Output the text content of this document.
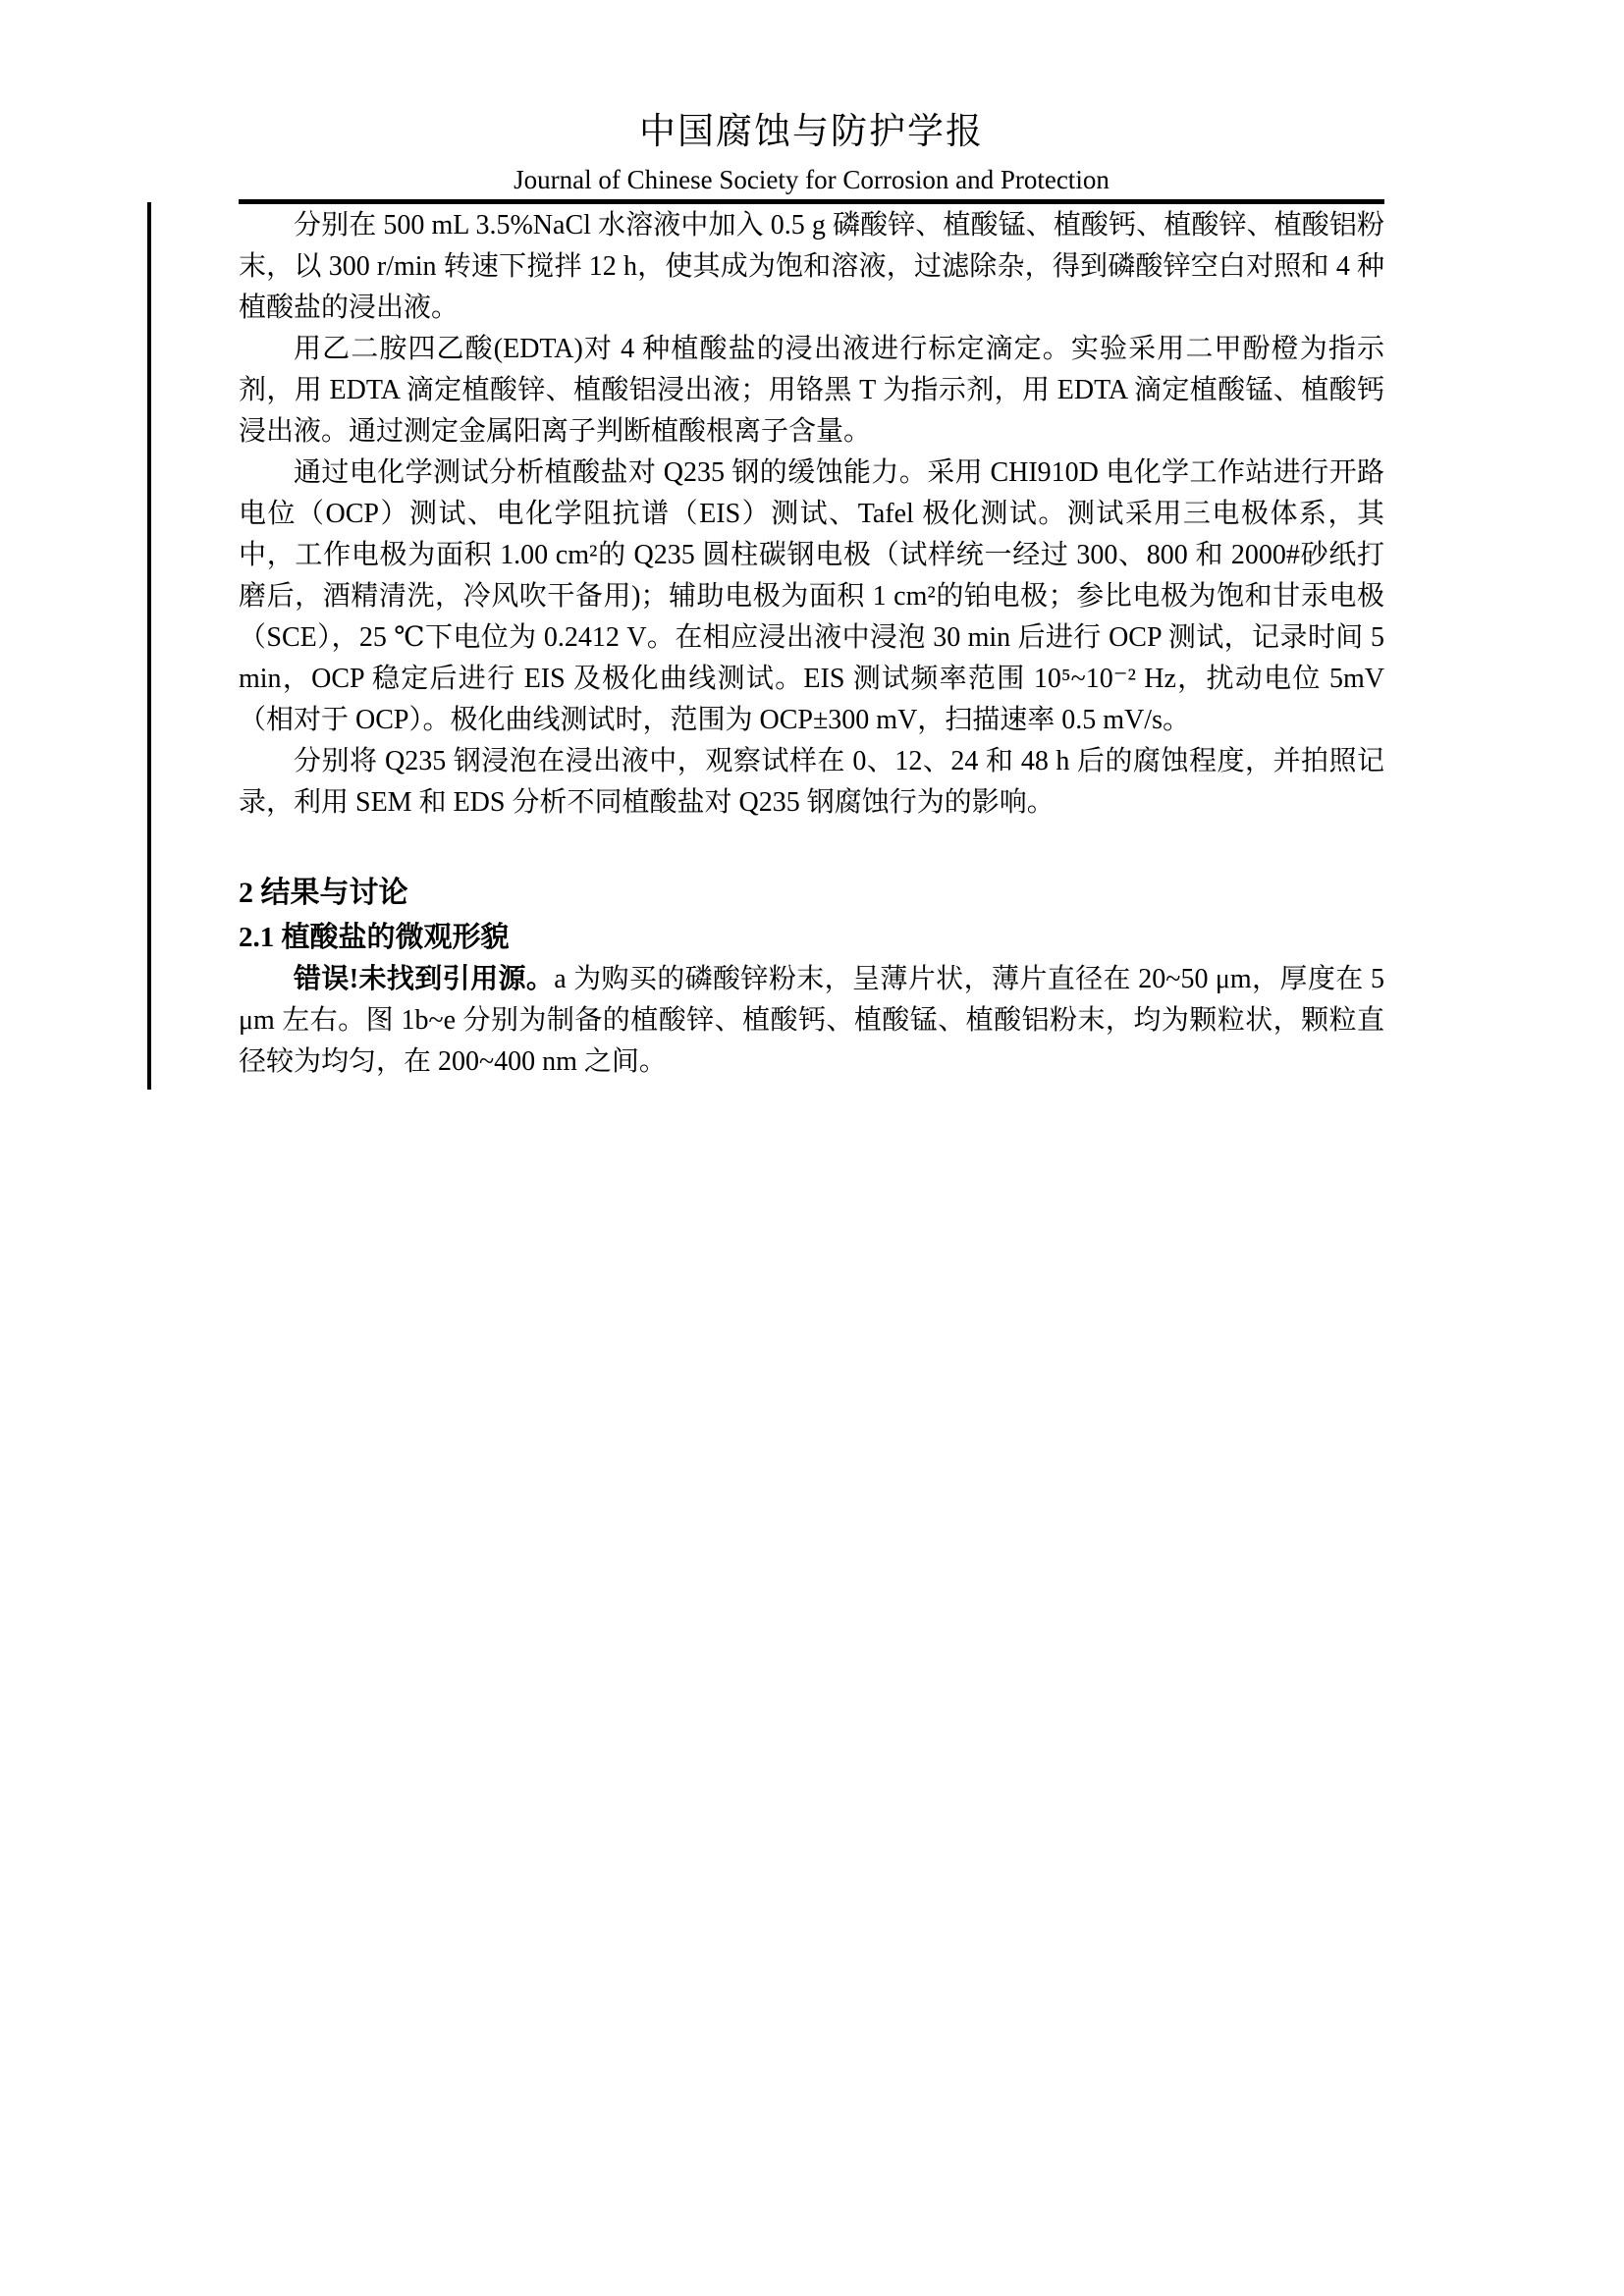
中国腐蚀与防护学报
Journal of Chinese Society for Corrosion and Protection

分别在 500 mL 3.5%NaCl 水溶液中加入 0.5 g 磷酸锌、植酸锰、植酸钙、植酸锌、植酸铝粉末，以 300 r/min 转速下搅拌 12 h，使其成为饱和溶液，过滤除杂，得到磷酸锌空白对照和 4 种植酸盐的浸出液。

用乙二胺四乙酸(EDTA)对 4 种植酸盐的浸出液进行标定滴定。实验采用二甲酚橙为指示剂，用 EDTA 滴定植酸锌、植酸铝浸出液；用铬黑 T 为指示剂，用 EDTA 滴定植酸锰、植酸钙浸出液。通过测定金属阳离子判断植酸根离子含量。

通过电化学测试分析植酸盐对 Q235 钢的缓蚀能力。采用 CHI910D 电化学工作站进行开路电位（OCP）测试、电化学阻抗谱（EIS）测试、Tafel 极化测试。测试采用三电极体系，其中，工作电极为面积 1.00 cm²的 Q235 圆柱碳钢电极（试样统一经过 300、800 和 2000#砂纸打磨后，酒精清洗，冷风吹干备用)；辅助电极为面积 1 cm²的铂电极；参比电极为饱和甘汞电极（SCE），25 ℃下电位为 0.2412 V。在相应浸出液中浸泡 30 min 后进行 OCP 测试，记录时间 5 min，OCP 稳定后进行 EIS 及极化曲线测试。EIS 测试频率范围 10⁵~10⁻² Hz，扰动电位 5mV（相对于 OCP）。极化曲线测试时，范围为 OCP±300 mV，扫描速率 0.5 mV/s。

分别将 Q235 钢浸泡在浸出液中，观察试样在 0、12、24 和 48 h 后的腐蚀程度，并拍照记录，利用 SEM 和 EDS 分析不同植酸盐对 Q235 钢腐蚀行为的影响。

2 结果与讨论
2.1 植酸盐的微观形貌

错误!未找到引用源。a 为购买的磷酸锌粉末，呈薄片状，薄片直径在 20~50 μm，厚度在 5 μm 左右。图 1b~e 分别为制备的植酸锌、植酸钙、植酸锰、植酸铝粉末，均为颗粒状，颗粒直径较为均匀，在 200~400 nm 之间。
